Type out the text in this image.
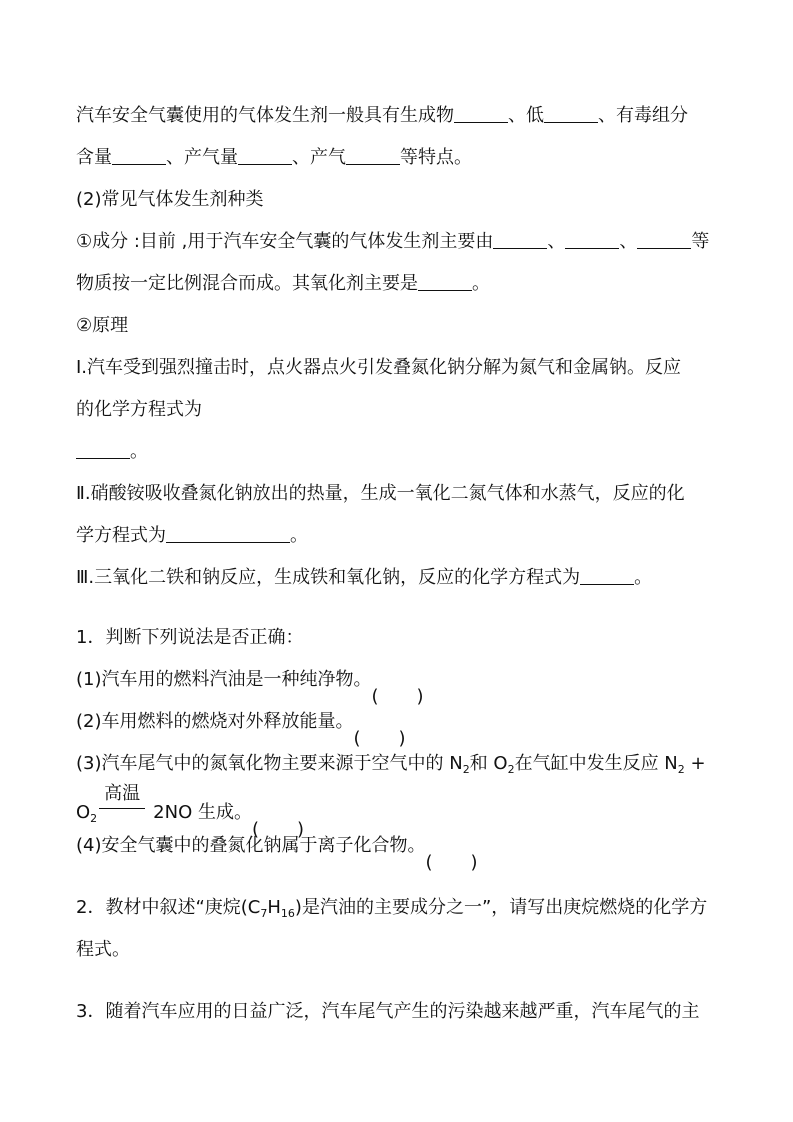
汽车安全气囊使用的气体发生剂一般具有生成物	、低	、有毒组分
含量	、产气量	、产气	等特点。
(2)常见气体发生剂种类
①成分 :目前 ,用于汽车安全气囊的气体发生剂主要由	、	、	等
物质按一定比例混合而成。其氧化剂主要是	。
②原理
Ⅰ.汽车受到强烈撞击时，点火器点火引发叠氮化钠分解为氮气和金属钠。反应
的化学方程式为
。
Ⅱ.硝酸铵吸收叠氮化钠放出的热量，生成一氧化二氮气体和水蒸气，反应的化
学方程式为	。
Ⅲ.三氧化二铁和钠反应，生成铁和氧化钠，反应的化学方程式为	。
1．判断下列说法是否正确：
(1)汽车用的燃料汽油是一种纯净物。
( )
(2)车用燃料的燃烧对外释放能量。
( )
(3)汽车尾气中的氮氧化物主要来源于空气中的 $N_2$和 $O_2$在气缸中发生反应 $N_2$ +
$O_2$
高温
2NO 生成。
( )
(4)安全气囊中的叠氮化钠属于离子化合物。
( )
2．教材中叙述“庚烷$(C_7H_{16})$是汽油的主要成分之一”，请写出庚烷燃烧的化学方
程式。
3．随着汽车应用的日益广泛，汽车尾气产生的污染越来越严重，汽车尾气的主
